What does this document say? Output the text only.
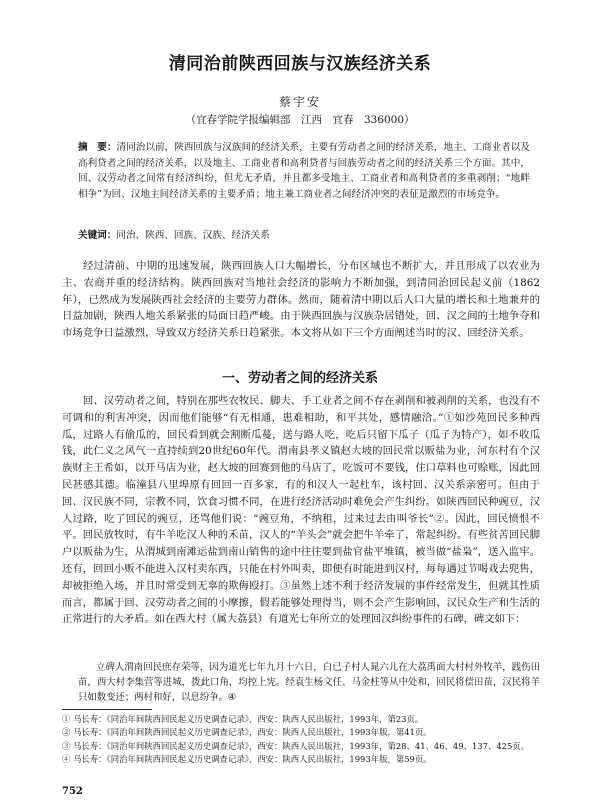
清同治前陕西回族与汉族经济关系
蔡宇安
（宜春学院学报编辑部　江西　宜春　336000）
摘　要：清同治以前，陕西回族与汉族间的经济关系，主要有劳动者之间的经济关系，地主、工商业者以及高利贷者之间的经济关系，以及地主、工商业者和高利贷者与回族劳动者之间的经济关系三个方面。其中，回、汉劳动者之间常有经济纠纷，但尤无矛盾，并且都多受地主、工商业者和高利贷者的多重剥削；“地畔相争”为回、汉地主间经济关系的主要矛盾；地主兼工商业者之间经济冲突的表征是激烈的市场竞争。
关键词：同治、陕西、回族、汉族、经济关系
经过清前、中期的迅速发展，陕西回族人口大幅增长，分布区域也不断扩大，并且形成了以农业为主、农商并重的经济结构。陕西回族对当地社会经济的影响力不断加强，到清同治回民起义前（1862年），已然成为发展陕西社会经济的主要劳力群体。然而，随着清中期以后人口大量的增长和土地兼并的日益加剧，陕西人地关系紧张的局面日趋严峻。由于陕西回族与汉族杂居错处，回、汉之间的土地争夺和市场竞争日益激烈，导致双方经济关系日趋紧张。本文将从如下三个方面阐述当时的汉、回经济关系。
一、劳动者之间的经济关系
回、汉劳动者之间，特别在那些农牧民、脚夫、手工业者之间不存在剥削和被剥削的关系，也没有不可调和的利害冲突，因而他们能够“有无相通，患难相助，和平共处，感情融洽。”①如沙苑回民多种西瓜，过路人有偷瓜的，回民看到就会割断瓜蔓，送与路人吃，吃后只留下瓜子（瓜子为特产），如不收瓜钱，此仁义之风气一直持续到20世纪60年代。渭南县孝义镇赵大坡的回民常以贩盐为业，河东村有个汉族财主王希如，以开马店为业，赵大坡的回赛到他的马店了，吃饭可不要钱，住口草料也可赊账，因此回民甚感其德。临潼县八里埠原有回回一百多家，有的和汉人一起杜车，该村回、汉关系亲密可。但由于回、汉民族不同，宗教不同，饮食习惯不同，在进行经济活动时难免会产生纠纷。如陕西回民种豌豆，汉人过路，吃了回民的豌豆，还骂他们说：“豌豆角，不纳租，过来过去由叫爷长”②。因此，回民愤恨不平。回民放牧时，有牛羊吃汉人种的禾苗，汉人的“羊头会”就会把牛羊牵了，常起纠纷。有些贫苦回民脚户以贩盐为生，从渭城到南滩运盐到南山销售的途中往往要到盐官盐平堆镇，被当做“盐枭”，送入监牢。还有，回回小贩不能进入汉村卖东西，只能在村外叫卖，即便有时能进到汉村，每每遇过节喝戏去兜售，却被拒绝入场，并且时常受到无辜的欺侮殴打。③虽然上述不利于经济发展的事件经常发生，但就其性质而言，都属于回、汉劳动者之间的小摩擦，假若能够处理得当，则不会产生影响回、汉民众生产和生活的正常进行的大矛盾。如在西大村（属大荔县）有道光七年所立的处理回汉纠纷事件的石碑，碑文如下：
立碑人渭南回民庶存荣等，因为道光七年九月十六日，白已子村人晁六儿在大荔禹面大村村外牧羊，践伤田苗，西大村李集营等进城，拨此口角，均控上宪。经袁生杨文任、马金柱等从中处和，回民将偿田苗，汉民将羊只如数变还；两村和好，以息纷争。④

① 马长寿：《同治年间陕西回民起义历史调查记录》，西安：陕西人民出版社，1993年，第23页。

② 马长寿：《同治年间陕西回民起义历史调查记录》，西安：陕西人民出版社，1993年版，第41页。

③ 马长寿：《同治年间陕西回民起义历史调查记录》，西安：陕西人民出版社，1993年，第28、41、46、49、137、425页。

④ 马长寿：《同治年间陕西回民起义历史调查记录》，西安：陕西人民出版社，1993年版，第59页。

752
